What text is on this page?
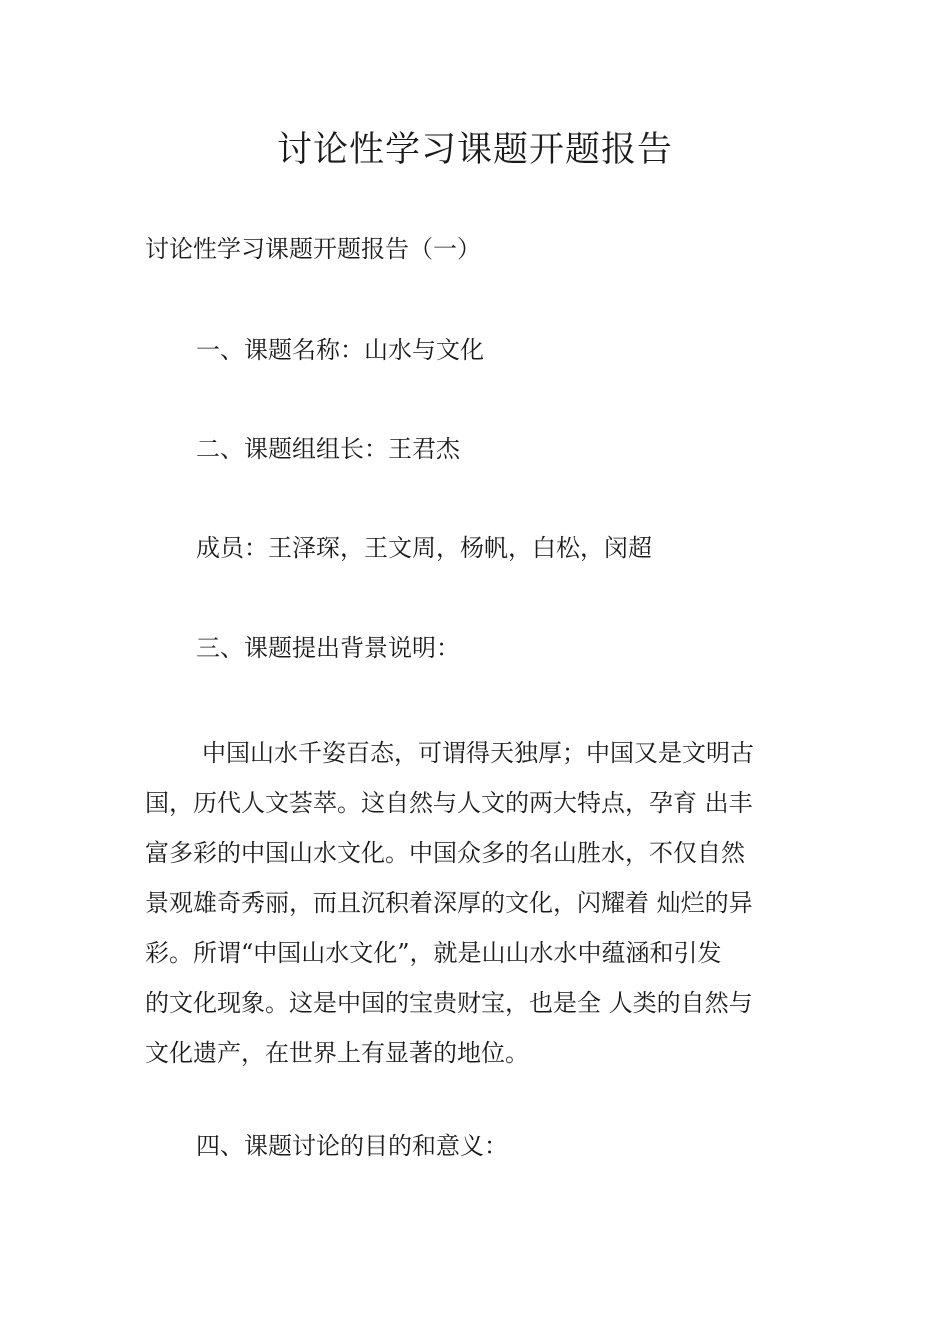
讨论性学习课题开题报告

讨论性学习课题开题报告（一）

一、课题名称：山水与文化

二、课题组组长：王君杰

成员：王泽琛，王文周，杨帆，白松，闵超

三、课题提出背景说明：

中国山水千姿百态，可谓得天独厚；中国又是文明古
国，历代人文荟萃。这自然与人文的两大特点，孕育 出丰
富多彩的中国山水文化。中国众多的名山胜水，不仅自然
景观雄奇秀丽，而且沉积着深厚的文化，闪耀着 灿烂的异
彩。所谓“中国山水文化”，就是山山水水中蕴涵和引发
的文化现象。这是中国的宝贵财宝，也是全 人类的自然与
文化遗产，在世界上有显著的地位。

四、课题讨论的目的和意义：
